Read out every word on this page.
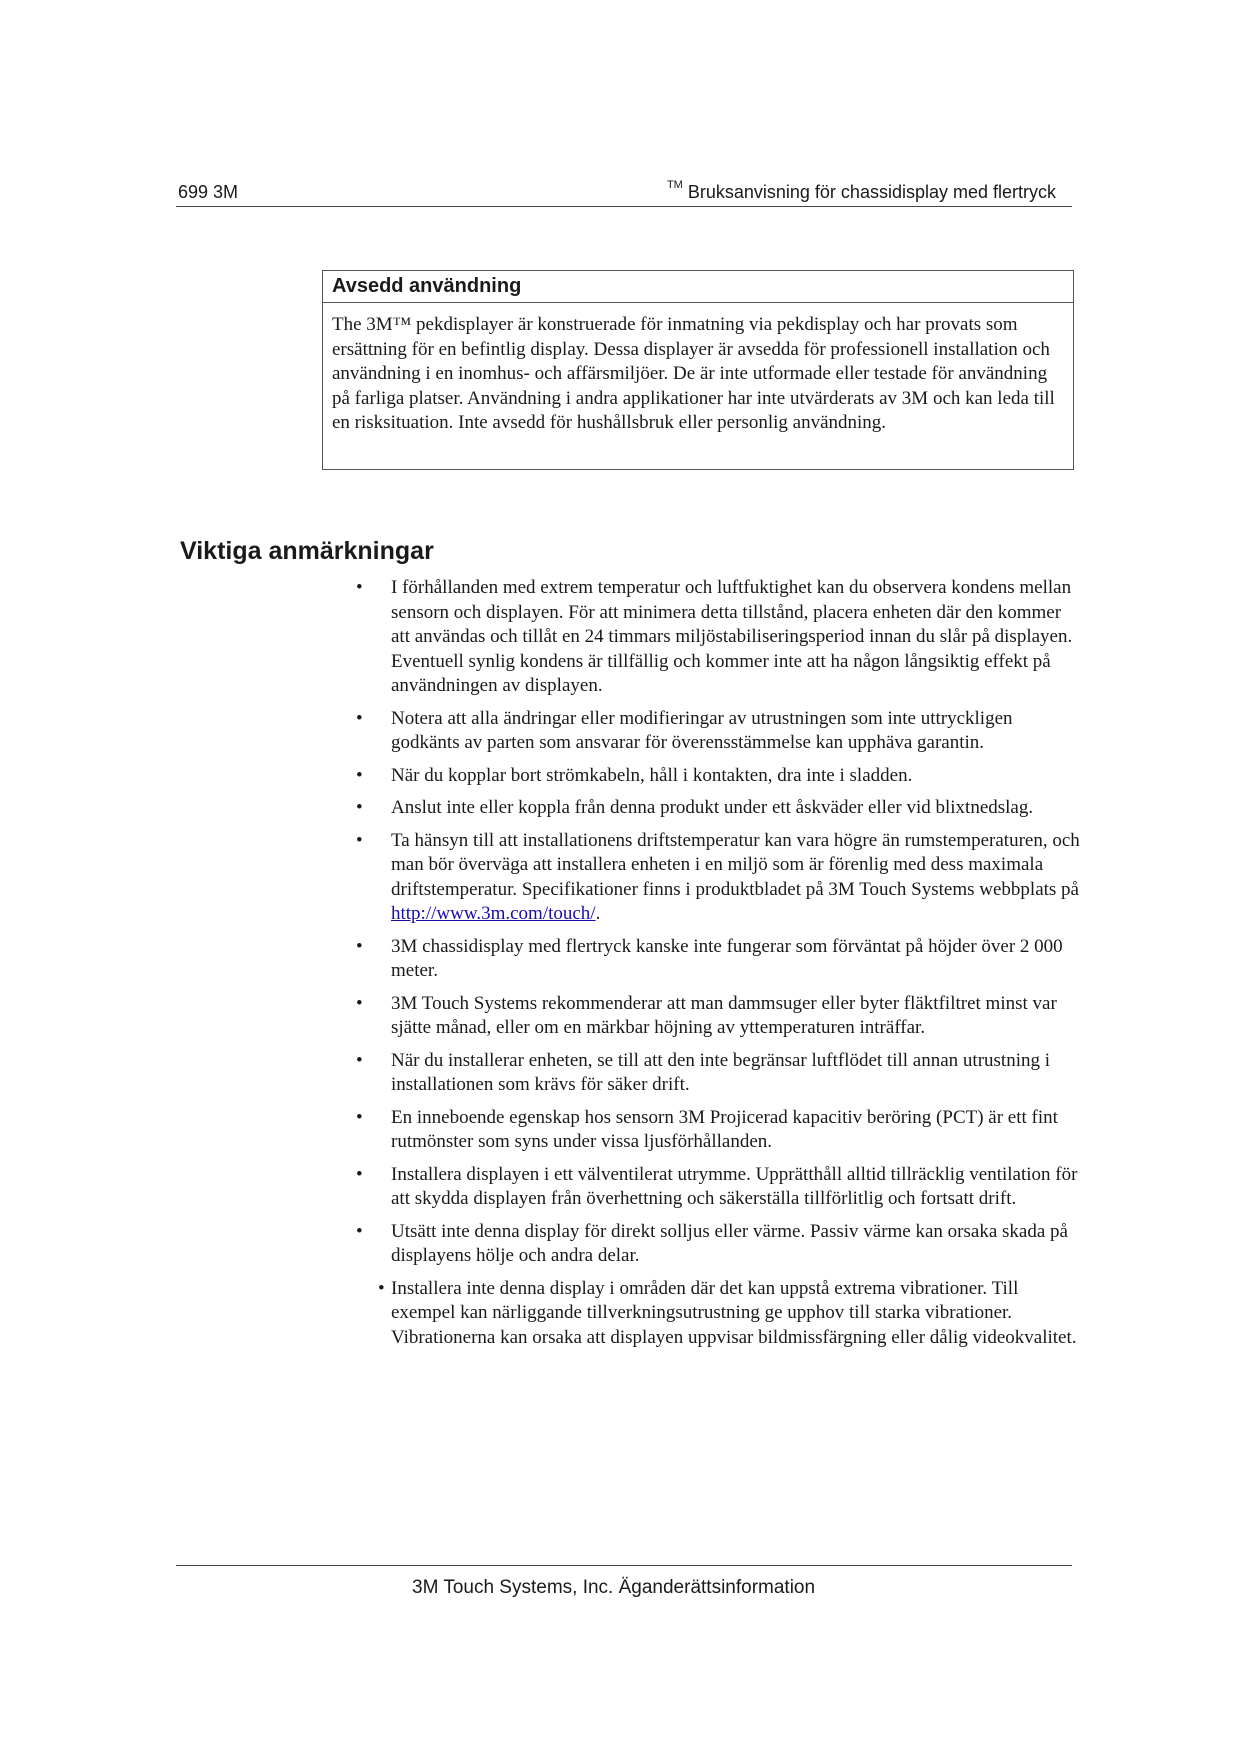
699 3M	™ Bruksanvisning för chassidisplay med flertryck
Avsedd användning
The 3M™ pekdisplayer är konstruerade för inmatning via pekdisplay och har provats som ersättning för en befintlig display. Dessa displayer är avsedda för professionell installation och användning i en inomhus- och affärsmiljöer. De är inte utformade eller testade för användning på farliga platser. Användning i andra applikationer har inte utvärderats av 3M och kan leda till en risksituation. Inte avsedd för hushållsbruk eller personlig användning.
Viktiga anmärkningar
• I förhållanden med extrem temperatur och luftfuktighet kan du observera kondens mellan sensorn och displayen. För att minimera detta tillstånd, placera enheten där den kommer att användas och tillåt en 24 timmars miljöstabiliseringsperiod innan du slår på displayen. Eventuell synlig kondens är tillfällig och kommer inte att ha någon långsiktig effekt på användningen av displayen.
• Notera att alla ändringar eller modifieringar av utrustningen som inte uttryckligen godkänts av parten som ansvarar för överensstämmelse kan upphäva garantin.
• När du kopplar bort strömkabeln, håll i kontakten, dra inte i sladden.
• Anslut inte eller koppla från denna produkt under ett åskväder eller vid blixtnedslag.
• Ta hänsyn till att installationens driftstemperatur kan vara högre än rumstemperaturen, och man bör överväga att installera enheten i en miljö som är förenlig med dess maximala driftstemperatur. Specifikationer finns i produktbladet på 3M Touch Systems webbplats på http://www.3m.com/touch/.
• 3M chassidisplay med flertryck kanske inte fungerar som förväntat på höjder över 2 000 meter.
• 3M Touch Systems rekommenderar att man dammsuger eller byter fläktfiltret minst var sjätte månad, eller om en märkbar höjning av yttemperaturen inträffar.
• När du installerar enheten, se till att den inte begränsar luftflödet till annan utrustning i installationen som krävs för säker drift.
• En inneboende egenskap hos sensorn 3M Projicerad kapacitiv beröring (PCT) är ett fint rutmönster som syns under vissa ljusförhållanden.
• Installera displayen i ett välventilerat utrymme. Upprätthåll alltid tillräcklig ventilation för att skydda displayen från överhettning och säkerställa tillförlitlig och fortsatt drift.
• Utsätt inte denna display för direkt solljus eller värme. Passiv värme kan orsaka skada på displayens hölje och andra delar.
• Installera inte denna display i områden där det kan uppstå extrema vibrationer. Till exempel kan närliggande tillverkningsutrustning ge upphov till starka vibrationer. Vibrationerna kan orsaka att displayen uppvisar bildmissfärgning eller dålig videokvalitet.
3M Touch Systems, Inc. Äganderättsinformation
